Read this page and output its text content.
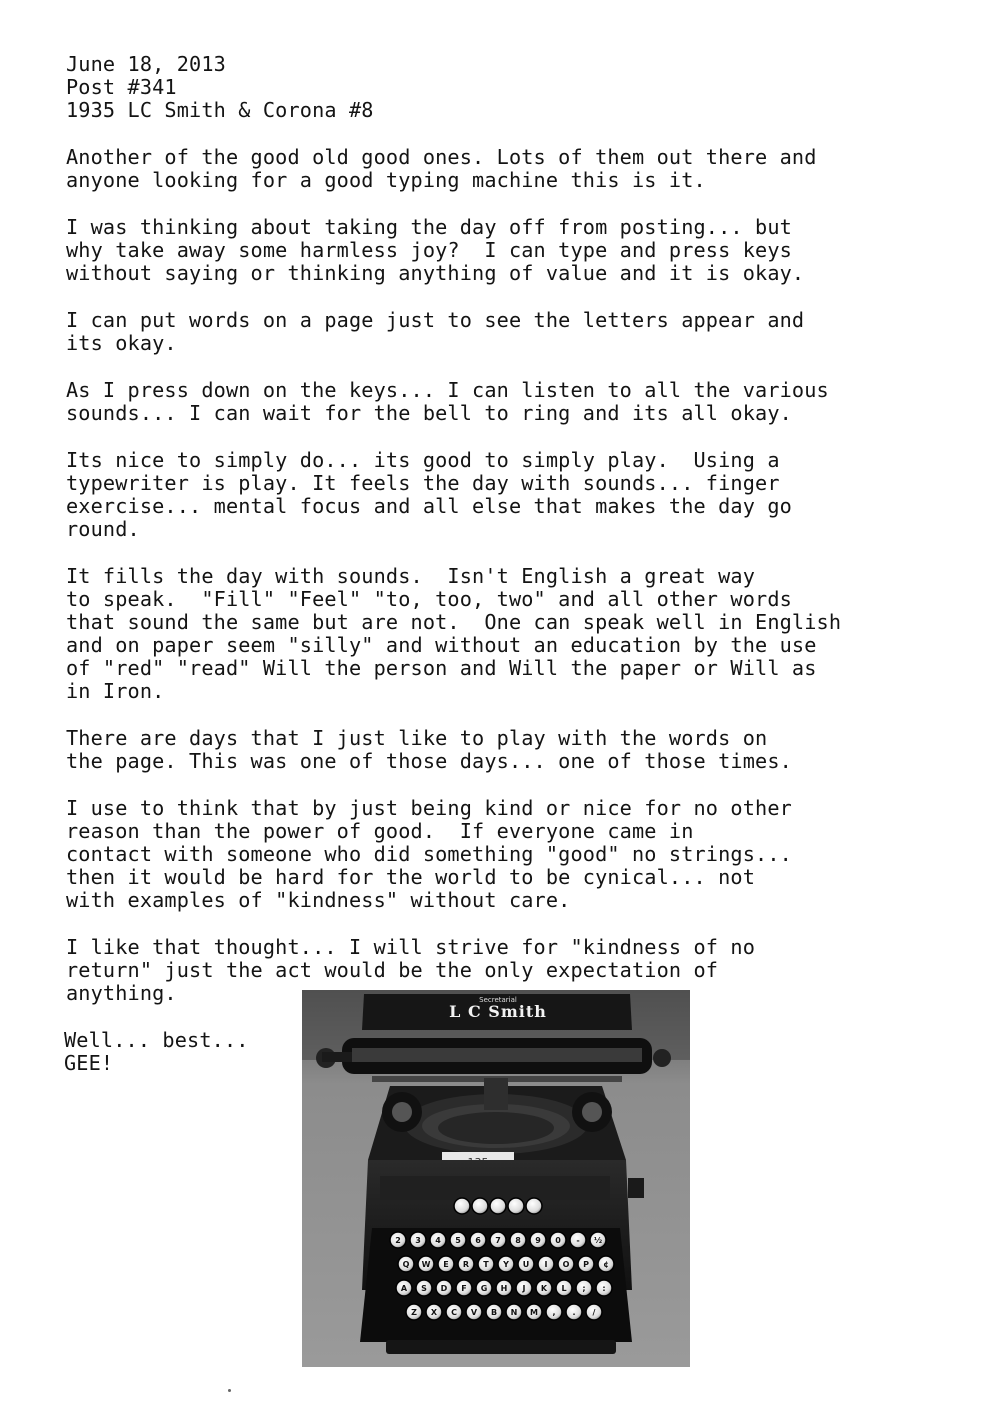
June 18, 2013
Post #341
1935 LC Smith & Corona #8
Another of the good old good ones. Lots of them out there and
anyone looking for a good typing machine this is it.
I was thinking about taking the day off from posting... but
why take away some harmless joy?  I can type and press keys
without saying or thinking anything of value and it is okay.
I can put words on a page just to see the letters appear and
its okay.
As I press down on the keys... I can listen to all the various
sounds... I can wait for the bell to ring and its all okay.
Its nice to simply do... its good to simply play.  Using a
typewriter is play. It feels the day with sounds... finger
exercise... mental focus and all else that makes the day go
round.
It fills the day with sounds.  Isn't English a great way
to speak.  "Fill" "Feel" "to, too, two" and all other words
that sound the same but are not.  One can speak well in English
and on paper seem "silly" and without an education by the use
of "red" "read" Will the person and Will the paper or Will as
in Iron.
There are days that I just like to play with the words on
the page. This was one of those days... one of those times.
I use to think that by just being kind or nice for no other
reason than the power of good.  If everyone came in
contact with someone who did something "good" no strings...
then it would be hard for the world to be cynical... not
with examples of "kindness" without care.
I like that thought... I will strive for "kindness of no
return" just the act would be the only expectation of
anything.
Well... best...
GEE!
Secretarial
L C Smith
2 3 4 5 6 7 8 9 0 - ½
Q W E R T Y U I O P ¢
A S D F G H J K L ; :
Z X C V B N M , . /
